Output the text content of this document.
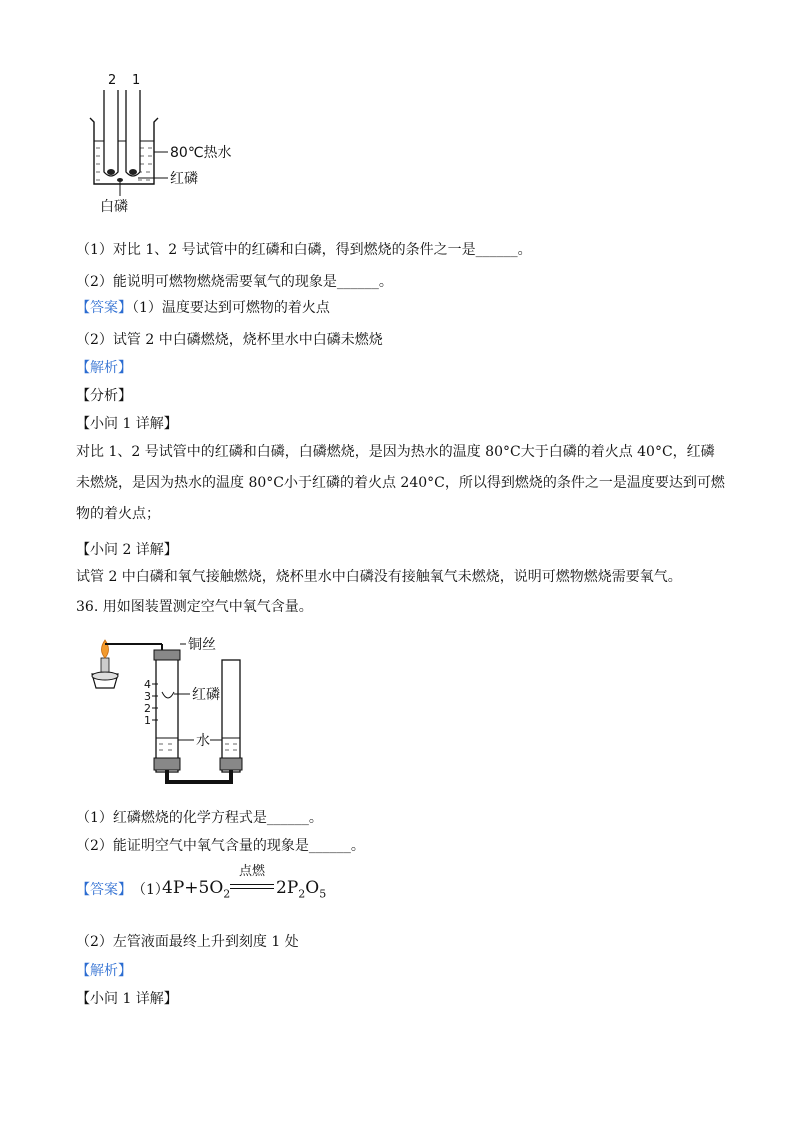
2 1
80℃热水
红磷
白磷
（1）对比 1、2 号试管中的红磷和白磷，得到燃烧的条件之一是______。
（2）能说明可燃物燃烧需要氧气的现象是______。
【答案】（1）温度要达到可燃物的着火点
（2）试管 2 中白磷燃烧，烧杯里水中白磷未燃烧
【解析】
【分析】
【小问 1 详解】
对比 1、2 号试管中的红磷和白磷，白磷燃烧，是因为热水的温度 80°C大于白磷的着火点 40°C，红磷未燃烧，是因为热水的温度 80°C小于红磷的着火点 240°C，所以得到燃烧的条件之一是温度要达到可燃物的着火点；
【小问 2 详解】
试管 2 中白磷和氧气接触燃烧，烧杯里水中白磷没有接触氧气未燃烧，说明可燃物燃烧需要氧气。
36. 用如图装置测定空气中氧气含量。
4
3
2
1
铜丝
红磷
水
（1）红磷燃烧的化学方程式是______。
（2）能证明空气中氧气含量的现象是______。
【答案】 （1）
$4P+5O_2$
点燃
$2P_2O_5$
（2）左管液面最终上升到刻度 1 处
【解析】
【小问 1 详解】
